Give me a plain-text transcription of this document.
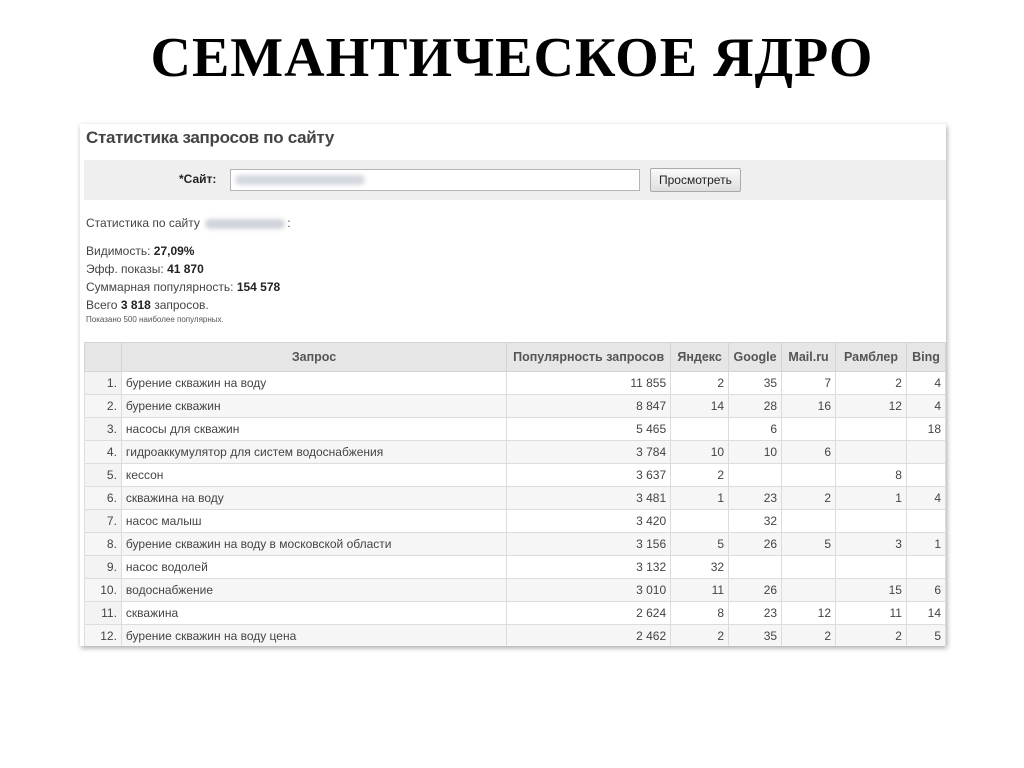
СЕМАНТИЧЕСКОЕ ЯДРО
Статистика запросов по сайту
*Сайт:	Просмотреть
Статистика по сайту	:
Видимость: 27,09%
Эфф. показы: 41 870
Суммарная популярность: 154 578
Всего 3 818 запросов.
Показано 500 наиболее популярных.
	Запрос	Популярность запросов	Яндекс	Google	Mail.ru	Рамблер	Bing
1.	бурение скважин на воду	11 855	2	35	7	2	4
2.	бурение скважин	8 847	14	28	16	12	4
3.	насосы для скважин	5 465		6			18
4.	гидроаккумулятор для систем водоснабжения	3 784	10	10	6		
5.	кессон	3 637	2			8	
6.	скважина на воду	3 481	1	23	2	1	4
7.	насос малыш	3 420		32			
8.	бурение скважин на воду в московской области	3 156	5	26	5	3	1
9.	насос водолей	3 132	32				
10.	водоснабжение	3 010	11	26		15	6
11.	скважина	2 624	8	23	12	11	14
12.	бурение скважин на воду цена	2 462	2	35	2	2	5
